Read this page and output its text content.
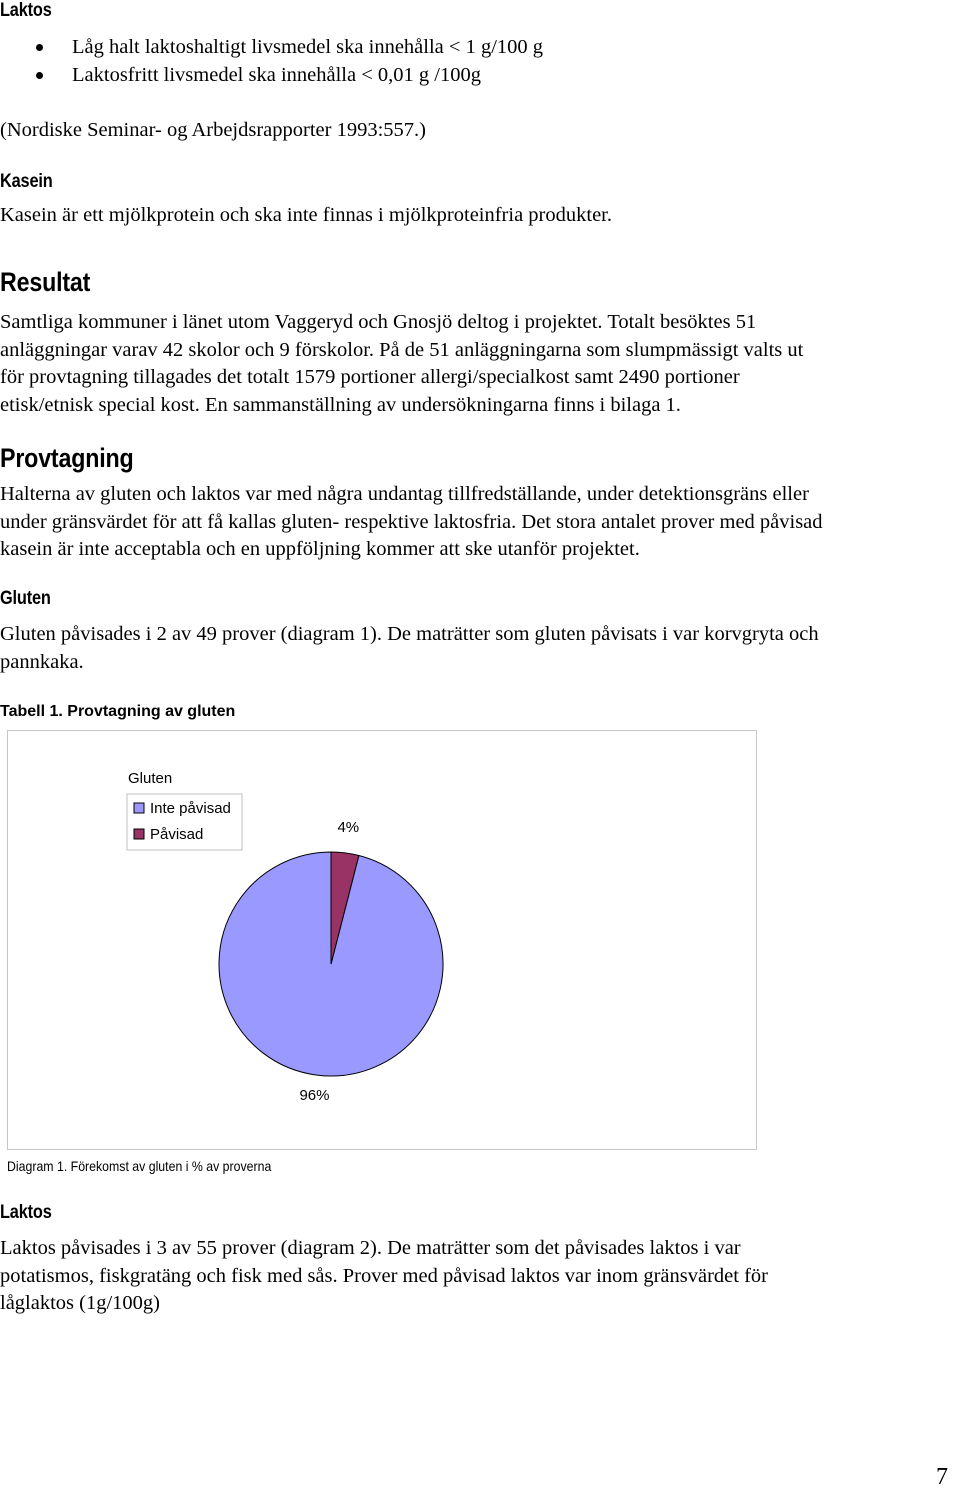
Laktos
Låg halt laktoshaltigt livsmedel ska innehålla < 1 g/100 g
Laktosfritt livsmedel ska innehålla < 0,01 g /100g
(Nordiske Seminar- og Arbejdsrapporter 1993:557.)
Kasein
Kasein är ett mjölkprotein och ska inte finnas i mjölkproteinfria produkter.
Resultat
Samtliga kommuner i länet utom Vaggeryd och Gnosjö deltog i projektet. Totalt besöktes 51
anläggningar varav 42 skolor och 9 förskolor. På de 51 anläggningarna som slumpmässigt valts ut
för provtagning tillagades det totalt 1579 portioner allergi/specialkost samt 2490 portioner
etisk/etnisk special kost. En sammanställning av undersökningarna finns i bilaga 1.
Provtagning
Halterna av gluten och laktos var med några undantag tillfredställande, under detektionsgräns eller
under gränsvärdet för att få kallas gluten- respektive laktosfria. Det stora antalet prover med påvisad
kasein är inte acceptabla och en uppföljning kommer att ske utanför projektet.
Gluten
Gluten påvisades i 2 av 49 prover (diagram 1). De maträtter som gluten påvisats i var korvgryta och
pannkaka.
Tabell 1. Provtagning av gluten
Gluten
Inte påvisad
Påvisad
96%
4%
Diagram 1. Förekomst av gluten i % av proverna
Laktos
Laktos påvisades i 3 av 55 prover (diagram 2). De maträtter som det påvisades laktos i var
potatismos, fiskgratäng och fisk med sås. Prover med påvisad laktos var inom gränsvärdet för
låglaktos (1g/100g)
7
